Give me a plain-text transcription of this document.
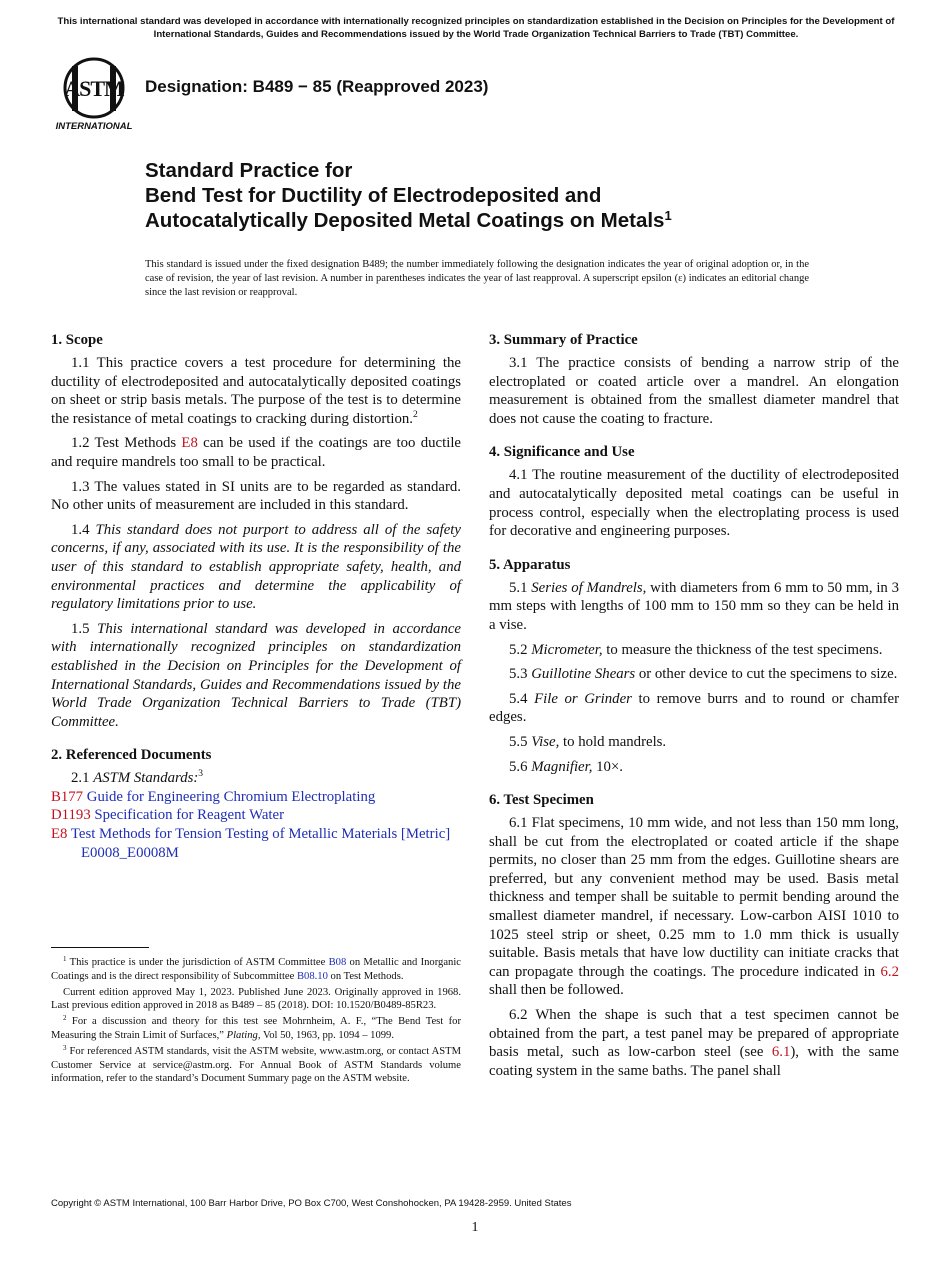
This international standard was developed in accordance with internationally recognized principles on standardization established in the Decision on Principles for the Development of International Standards, Guides and Recommendations issued by the World Trade Organization Technical Barriers to Trade (TBT) Committee.
ASTM
INTERNATIONAL
Designation: B489 − 85 (Reapproved 2023)
Standard Practice for
Bend Test for Ductility of Electrodeposited and
Autocatalytically Deposited Metal Coatings on Metals$^1$
This standard is issued under the fixed designation B489; the number immediately following the designation indicates the year of original adoption or, in the case of revision, the year of last revision. A number in parentheses indicates the year of last reapproval. A superscript epsilon (ε) indicates an editorial change since the last revision or reapproval.
1. Scope

1.1 This practice covers a test procedure for determining the ductility of electrodeposited and autocatalytically deposited coatings on sheet or strip basis metals. The purpose of the test is to determine the resistance of metal coatings to cracking during distortion.$^2$

1.2 Test Methods E8 can be used if the coatings are too ductile and require mandrels too small to be practical.

1.3 The values stated in SI units are to be regarded as standard. No other units of measurement are included in this standard.

1.4 This standard does not purport to address all of the safety concerns, if any, associated with its use. It is the responsibility of the user of this standard to establish appropriate safety, health, and environmental practices and determine the applicability of regulatory limitations prior to use.

1.5 This international standard was developed in accordance with internationally recognized principles on standardization established in the Decision on Principles for the Development of International Standards, Guides and Recommendations issued by the World Trade Organization Technical Barriers to Trade (TBT) Committee.

2. Referenced Documents
2.1 ASTM Standards:$^3$
B177 Guide for Engineering Chromium Electroplating
D1193 Specification for Reagent Water
E8 Test Methods for Tension Testing of Metallic Materials [Metric] E0008_E0008M

$^1$ This practice is under the jurisdiction of ASTM Committee B08 on Metallic and Inorganic Coatings and is the direct responsibility of Subcommittee B08.10 on Test Methods.

Current edition approved May 1, 2023. Published June 2023. Originally approved in 1968. Last previous edition approved in 2018 as B489 – 85 (2018). DOI: 10.1520/B0489-85R23.

$^2$ For a discussion and theory for this test see Mohrnheim, A. F., “The Bend Test for Measuring the Strain Limit of Surfaces,” Plating, Vol 50, 1963, pp. 1094 – 1099.

$^3$ For referenced ASTM standards, visit the ASTM website, www.astm.org, or contact ASTM Customer Service at service@astm.org. For Annual Book of ASTM Standards volume information, refer to the standard’s Document Summary page on the ASTM website.

3. Summary of Practice

3.1 The practice consists of bending a narrow strip of the electroplated or coated article over a mandrel. An elongation measurement is obtained from the smallest diameter mandrel that does not cause the coating to fracture.

4. Significance and Use

4.1 The routine measurement of the ductility of electrodeposited and autocatalytically deposited metal coatings can be useful in process control, especially when the electroplating process is used for decorative and engineering purposes.

5. Apparatus

5.1 Series of Mandrels, with diameters from 6 mm to 50 mm, in 3 mm steps with lengths of 100 mm to 150 mm so they can be held in a vise.

5.2 Micrometer, to measure the thickness of the test specimens.

5.3 Guillotine Shears or other device to cut the specimens to size.

5.4 File or Grinder to remove burrs and to round or chamfer edges.

5.5 Vise, to hold mandrels.

5.6 Magnifier, 10×.

6. Test Specimen

6.1 Flat specimens, 10 mm wide, and not less than 150 mm long, shall be cut from the electroplated or coated article if the shape permits, no closer than 25 mm from the edges. Guillotine shears are preferred, but any convenient method may be used. Basis metal thickness and temper shall be suitable to permit bending around the smallest diameter mandrel, if necessary. Low-carbon AISI 1010 to 1025 steel strip or sheet, 0.25 mm to 1.0 mm thick is usually suitable. Basis metals that have low ductility can initiate cracks that can propagate through the coatings. The procedure indicated in 6.2 shall then be followed.

6.2 When the shape is such that a test specimen cannot be obtained from the part, a test panel may be prepared of appropriate basis metal, such as low-carbon steel (see 6.1), with the same coating system in the same baths. The panel shall

Copyright © ASTM International, 100 Barr Harbor Drive, PO Box C700, West Conshohocken, PA 19428-2959. United States
1
